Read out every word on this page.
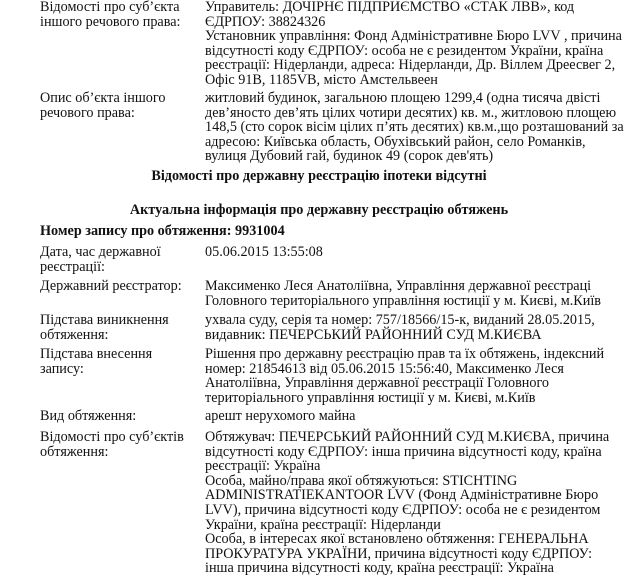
Відомості про суб’єкта
іншого речового права:
Управитель: ДОЧІРНЄ ПІДПРИЄМСТВО «СТАК ЛВВ», код
ЄДРПОУ: 38824326
Установник управління: Фонд Адміністративне Бюро LVV , причина
відсутності коду ЄДРПОУ: особа не є резидентом України, країна
реєстрації: Нідерланди, адреса: Нідерланди, Др. Віллем Дреесвег 2,
Офіс 91В, 1185VB, місто Амстельвеен
Опис об’єкта іншого
речового права:
житловий будинок, загальною площею 1299,4 (одна тисяча двісті
дев’яносто дев’ять цілих чотири десятих) кв. м., житловою площею
148,5 (сто сорок вісім цілих п’ять десятих) кв.м.,що розташований за
адресою: Київська область, Обухівський район, село Романків,
вулиця Дубовий гай, будинок 49 (сорок дев'ять)
Відомості про державну реєстрацію іпотеки відсутні
Актуальна інформація про державну реєстрацію обтяжень
Номер запису про обтяження: 9931004
Дата, час державної
реєстрації:
05.06.2015 13:55:08
Державний реєстратор:	Максименко Леся Анатоліївна, Управління державної реєстраці
Головного територіального управління юстиції у м. Києві, м.Київ
Підстава виникнення
обтяження:
ухвала суду, серія та номер: 757/18566/15-к, виданий 28.05.2015,
видавник: ПЕЧЕРСЬКИЙ РАЙОННИЙ СУД М.КИЄВА
Підстава внесення
запису:
Рішення про державну реєстрацію прав та їх обтяжень, індексний
номер: 21854613 від 05.06.2015 15:56:40, Максименко Леся
Анатоліївна, Управління державної реєстрації Головного
територіального управління юстиції у м. Києві, м.Київ
Вид обтяження:	арешт нерухомого майна
Відомості про суб’єктів
обтяження:
Обтяжувач: ПЕЧЕРСЬКИЙ РАЙОННИЙ СУД М.КИЄВА, причина
відсутності коду ЄДРПОУ: інша причина відсутності коду, країна
реєстрації: Україна
Особа, майно/права якої обтяжуються: STICHTING
ADMINISTRATIEKANTOOR LVV (Фонд Адміністративне Бюро
LVV), причина відсутності коду ЄДРПОУ: особа не є резидентом
України, країна реєстрації: Нідерланди
Особа, в інтересах якої встановлено обтяження: ГЕНЕРАЛЬНА
ПРОКУРАТУРА УКРАЇНИ, причина відсутності коду ЄДРПОУ:
інша причина відсутності коду, країна реєстрації: Україна
